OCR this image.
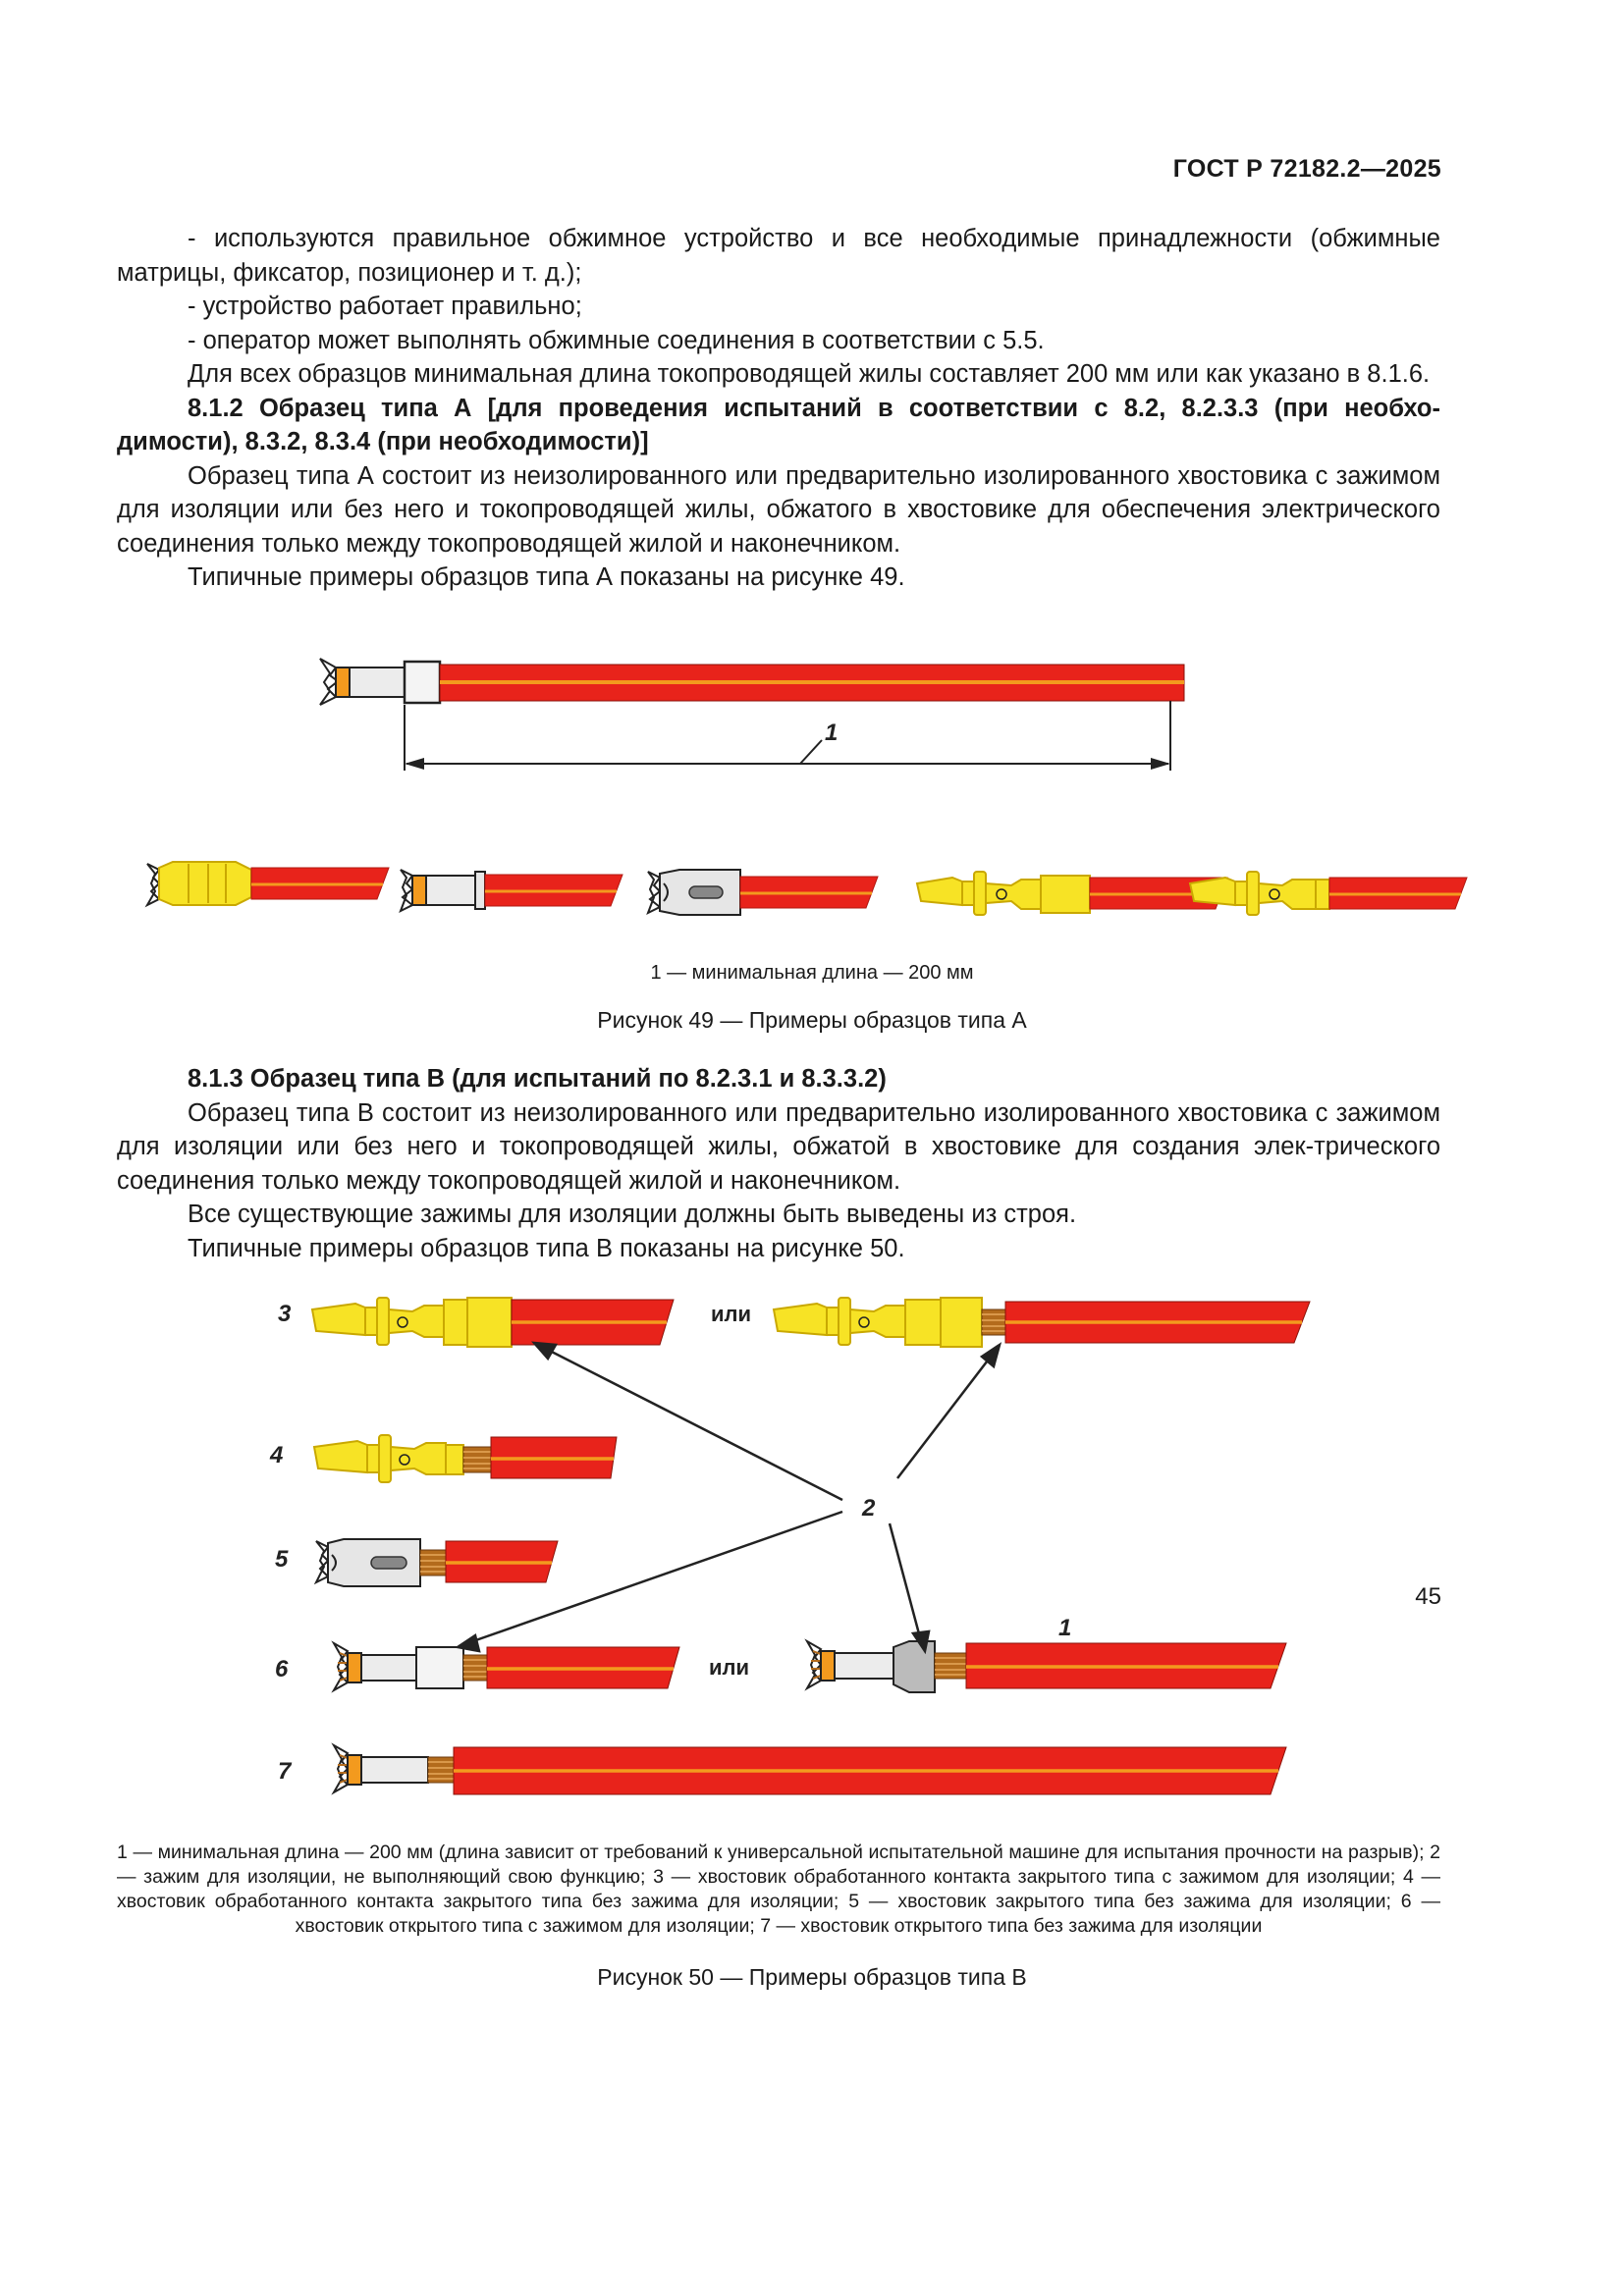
ГОСТ Р 72182.2—2025

- используются правильное обжимное устройство и все необходимые принадлежности (обжимные матрицы, фиксатор, позиционер и т. д.);

- устройство работает правильно;

- оператор может выполнять обжимные соединения в соответствии с 5.5.

Для всех образцов минимальная длина токопроводящей жилы составляет 200 мм или как указано в 8.1.6.

8.1.2 Образец типа А [для проведения испытаний в соответствии с 8.2, 8.2.3.3 (при необхо-димости), 8.3.2, 8.3.4 (при необходимости)]

Образец типа А состоит из неизолированного или предварительно изолированного хвостовика с зажимом для изоляции или без него и токопроводящей жилы, обжатого в хвостовике для обеспечения электрического соединения только между токопроводящей жилой и наконечником.

Типичные примеры образцов типа А показаны на рисунке 49.

1
1 — минимальная длина — 200 мм
Рисунок 49 — Примеры образцов типа А

8.1.3 Образец типа В (для испытаний по 8.2.3.1 и 8.3.3.2)

Образец типа В состоит из неизолированного или предварительно изолированного хвостовика с зажимом для изоляции или без него и токопроводящей жилы, обжатой в хвостовике для создания элек-трического соединения только между токопроводящей жилой и наконечником.

Все существующие зажимы для изоляции должны быть выведены из строя.

Типичные примеры образцов типа В показаны на рисунке 50.

3	или
4
5
6	или
1
7
2
1 — минимальная длина — 200 мм (длина зависит от требований к универсальной испытательной машине для испытания прочности на разрыв); 2 — зажим для изоляции, не выполняющий свою функцию; 3 — хвостовик обработанного контакта закрытого типа с зажимом для изоляции; 4 — хвостовик обработанного контакта закрытого типа без зажима для изоляции; 5 — хвостовик закрытого типа без зажима для изоляции; 6 — хвостовик открытого типа с зажимом для изоляции; 7 — хвостовик открытого типа без зажима для изоляции
Рисунок 50 — Примеры образцов типа В
45
